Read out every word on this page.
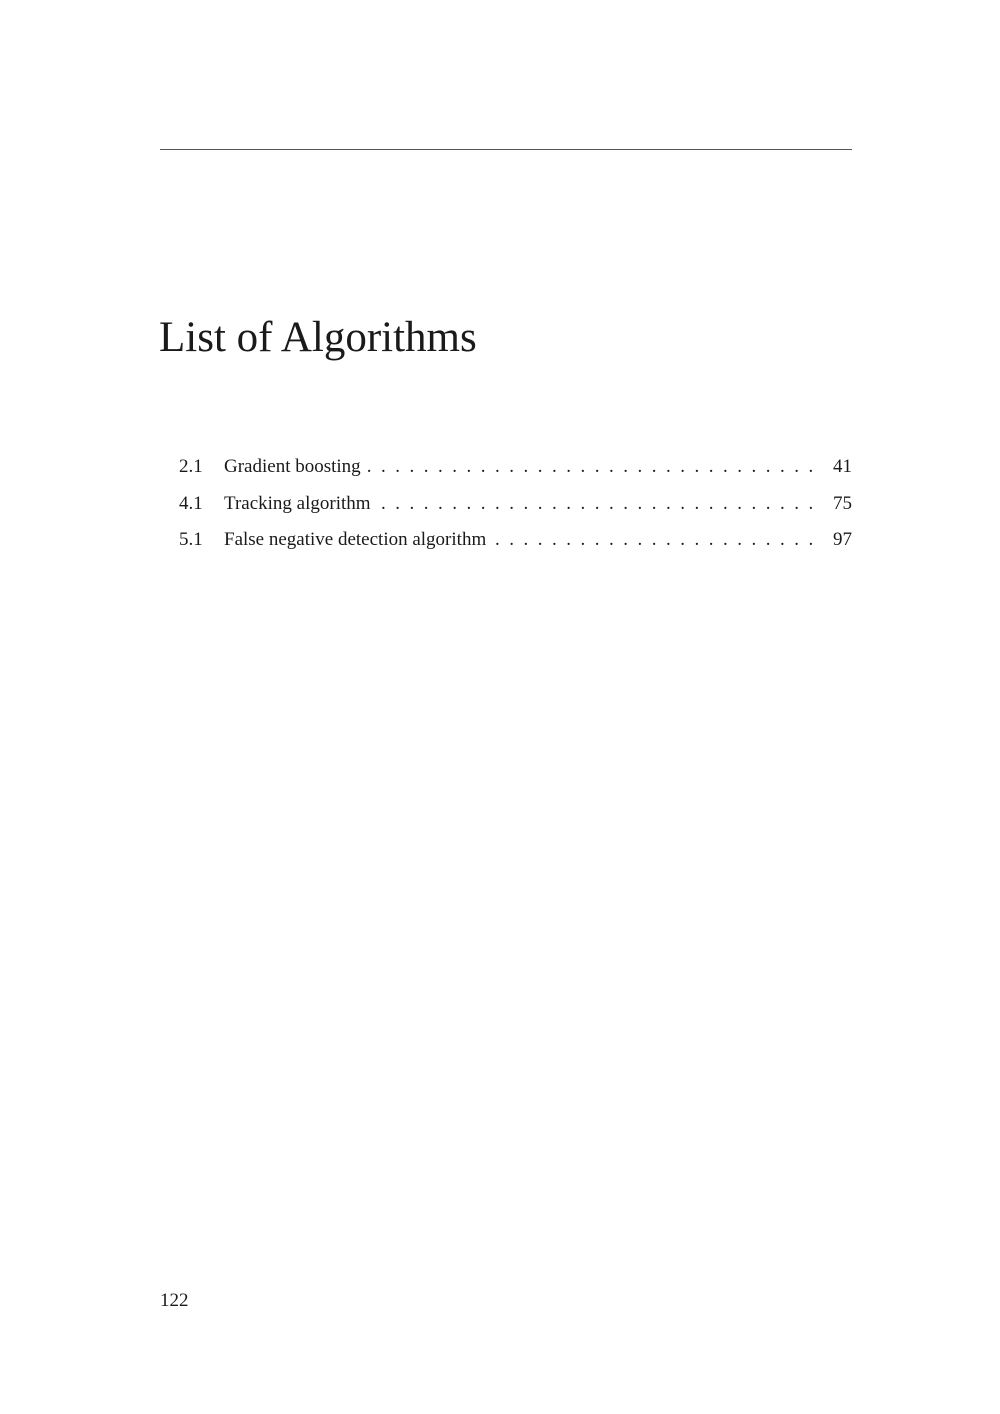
List of Algorithms
2.1	Gradient boosting . .	41
4.1	Tracking algorithm . .	75
5.1	False negative detection algorithm . .	97
122
